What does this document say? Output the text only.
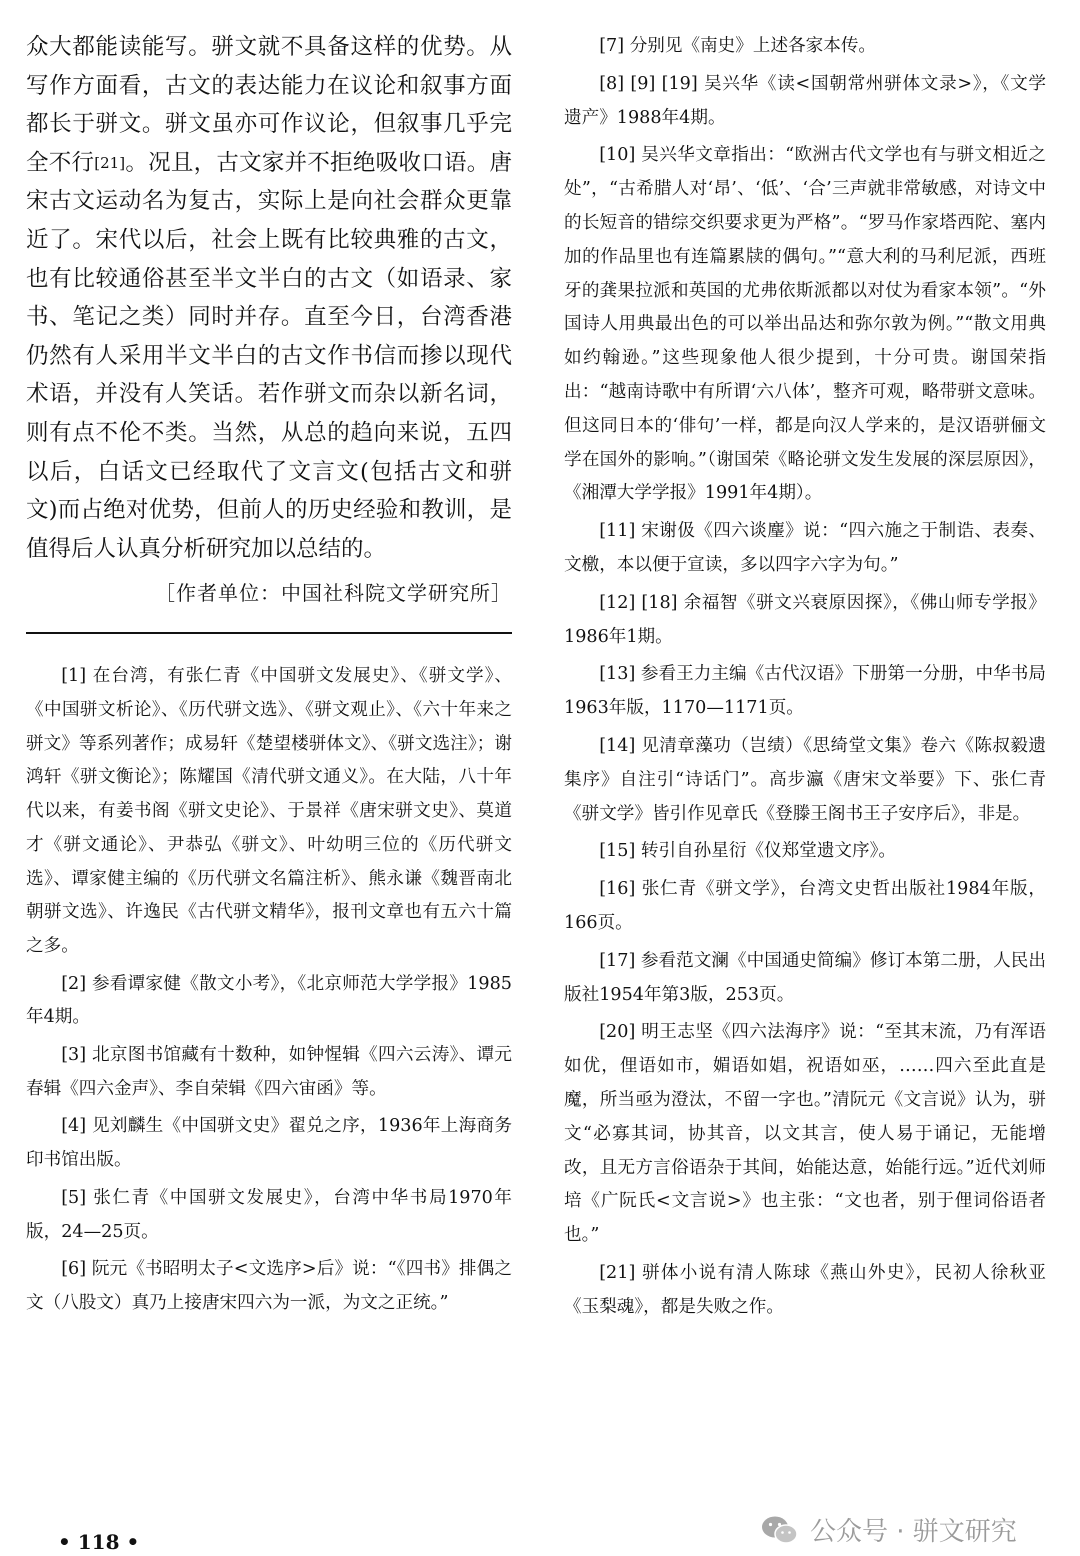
众大都能读能写。骈文就不具备这样的优势。从写作方面看，古文的表达能力在议论和叙事方面都长于骈文。骈文虽亦可作议论，但叙事几乎完全不行[21]。况且，古文家并不拒绝吸收口语。唐宋古文运动名为复古，实际上是向社会群众更靠近了。宋代以后，社会上既有比较典雅的古文，也有比较通俗甚至半文半白的古文（如语录、家书、笔记之类）同时并存。直至今日，台湾香港仍然有人采用半文半白的古文作书信而掺以现代术语，并没有人笑话。若作骈文而杂以新名词，则有点不伦不类。当然，从总的趋向来说，五四以后，白话文已经取代了文言文(包括古文和骈文)而占绝对优势，但前人的历史经验和教训，是值得后人认真分析研究加以总结的。

［作者单位：中国社科院文学研究所］

[1] 在台湾，有张仁青《中国骈文发展史》、《骈文学》、《中国骈文析论》、《历代骈文选》、《骈文观止》、《六十年来之骈文》等系列著作；成易轩《楚望楼骈体文》、《骈文选注》；谢鸿轩《骈文衡论》；陈耀国《清代骈文通义》。在大陆，八十年代以来，有姜书阁《骈文史论》、于景祥《唐宋骈文史》、莫道才《骈文通论》、尹恭弘《骈文》、叶幼明三位的《历代骈文选》、谭家健主编的《历代骈文名篇注析》、熊永谦《魏晋南北朝骈文选》、许逸民《古代骈文精华》，报刊文章也有五六十篇之多。

[2] 参看谭家健《散文小考》，《北京师范大学学报》1985年4期。

[3] 北京图书馆藏有十数种，如钟惺辑《四六云涛》、谭元春辑《四六金声》、李自荣辑《四六宙函》等。

[4] 见刘麟生《中国骈文史》翟兑之序，1936年上海商务印书馆出版。

[5] 张仁青《中国骈文发展史》，台湾中华书局1970年版，24—25页。

[6] 阮元《书昭明太子<文选序>后》说：“《四书》排偶之文（八股文）真乃上接唐宋四六为一派，为文之正统。”

[7] 分别见《南史》上述各家本传。

[8] [9] [19] 吴兴华《读<国朝常州骈体文录>》，《文学遗产》1988年4期。

[10] 吴兴华文章指出：“欧洲古代文学也有与骈文相近之处”，“古希腊人对‘昂’、‘低’、‘合’三声就非常敏感，对诗文中的长短音的错综交织要求更为严格”。“罗马作家塔西陀、塞内加的作品里也有连篇累牍的偶句。”“意大利的马利尼派，西班牙的龚果拉派和英国的尤弗依斯派都以对仗为看家本领”。“外国诗人用典最出色的可以举出品达和弥尔敦为例。”“散文用典如约翰逊。”这些现象他人很少提到，十分可贵。谢国荣指出：“越南诗歌中有所谓‘六八体’，整齐可观，略带骈文意味。但这同日本的‘俳句’一样，都是向汉人学来的，是汉语骈俪文学在国外的影响。”（谢国荣《略论骈文发生发展的深层原因》，《湘潭大学学报》1991年4期）。

[11] 宋谢伋《四六谈麈》说：“四六施之于制诰、表奏、文檄，本以便于宣读，多以四字六字为句。”

[12] [18] 余福智《骈文兴衰原因探》，《佛山师专学报》1986年1期。

[13] 参看王力主编《古代汉语》下册第一分册，中华书局1963年版，1170—1171页。

[14] 见清章藻功（岂绩）《思绮堂文集》卷六《陈叔毅遗集序》自注引“诗话门”。高步瀛《唐宋文举要》下、张仁青《骈文学》皆引作见章氏《登滕王阁书王子安序后》，非是。

[15] 转引自孙星衍《仪郑堂遗文序》。

[16] 张仁青《骈文学》，台湾文史哲出版社1984年版，166页。

[17] 参看范文澜《中国通史简编》修订本第二册，人民出版社1954年第3版，253页。

[20] 明王志坚《四六法海序》说：“至其末流，乃有浑语如优，俚语如市，媚语如娼，祝语如巫，……四六至此直是魔，所当亟为澄汰，不留一字也。”清阮元《文言说》认为，骈文“必寡其词，协其音，以文其言，使人易于诵记，无能增改，且无方言俗语杂于其间，始能达意，始能行远。”近代刘师培《广阮氏<文言说>》也主张：“文也者，别于俚词俗语者也。”

[21] 骈体小说有清人陈球《燕山外史》，民初人徐秋亚《玉梨魂》，都是失败之作。

• 118 •	公众号 · 骈文研究
